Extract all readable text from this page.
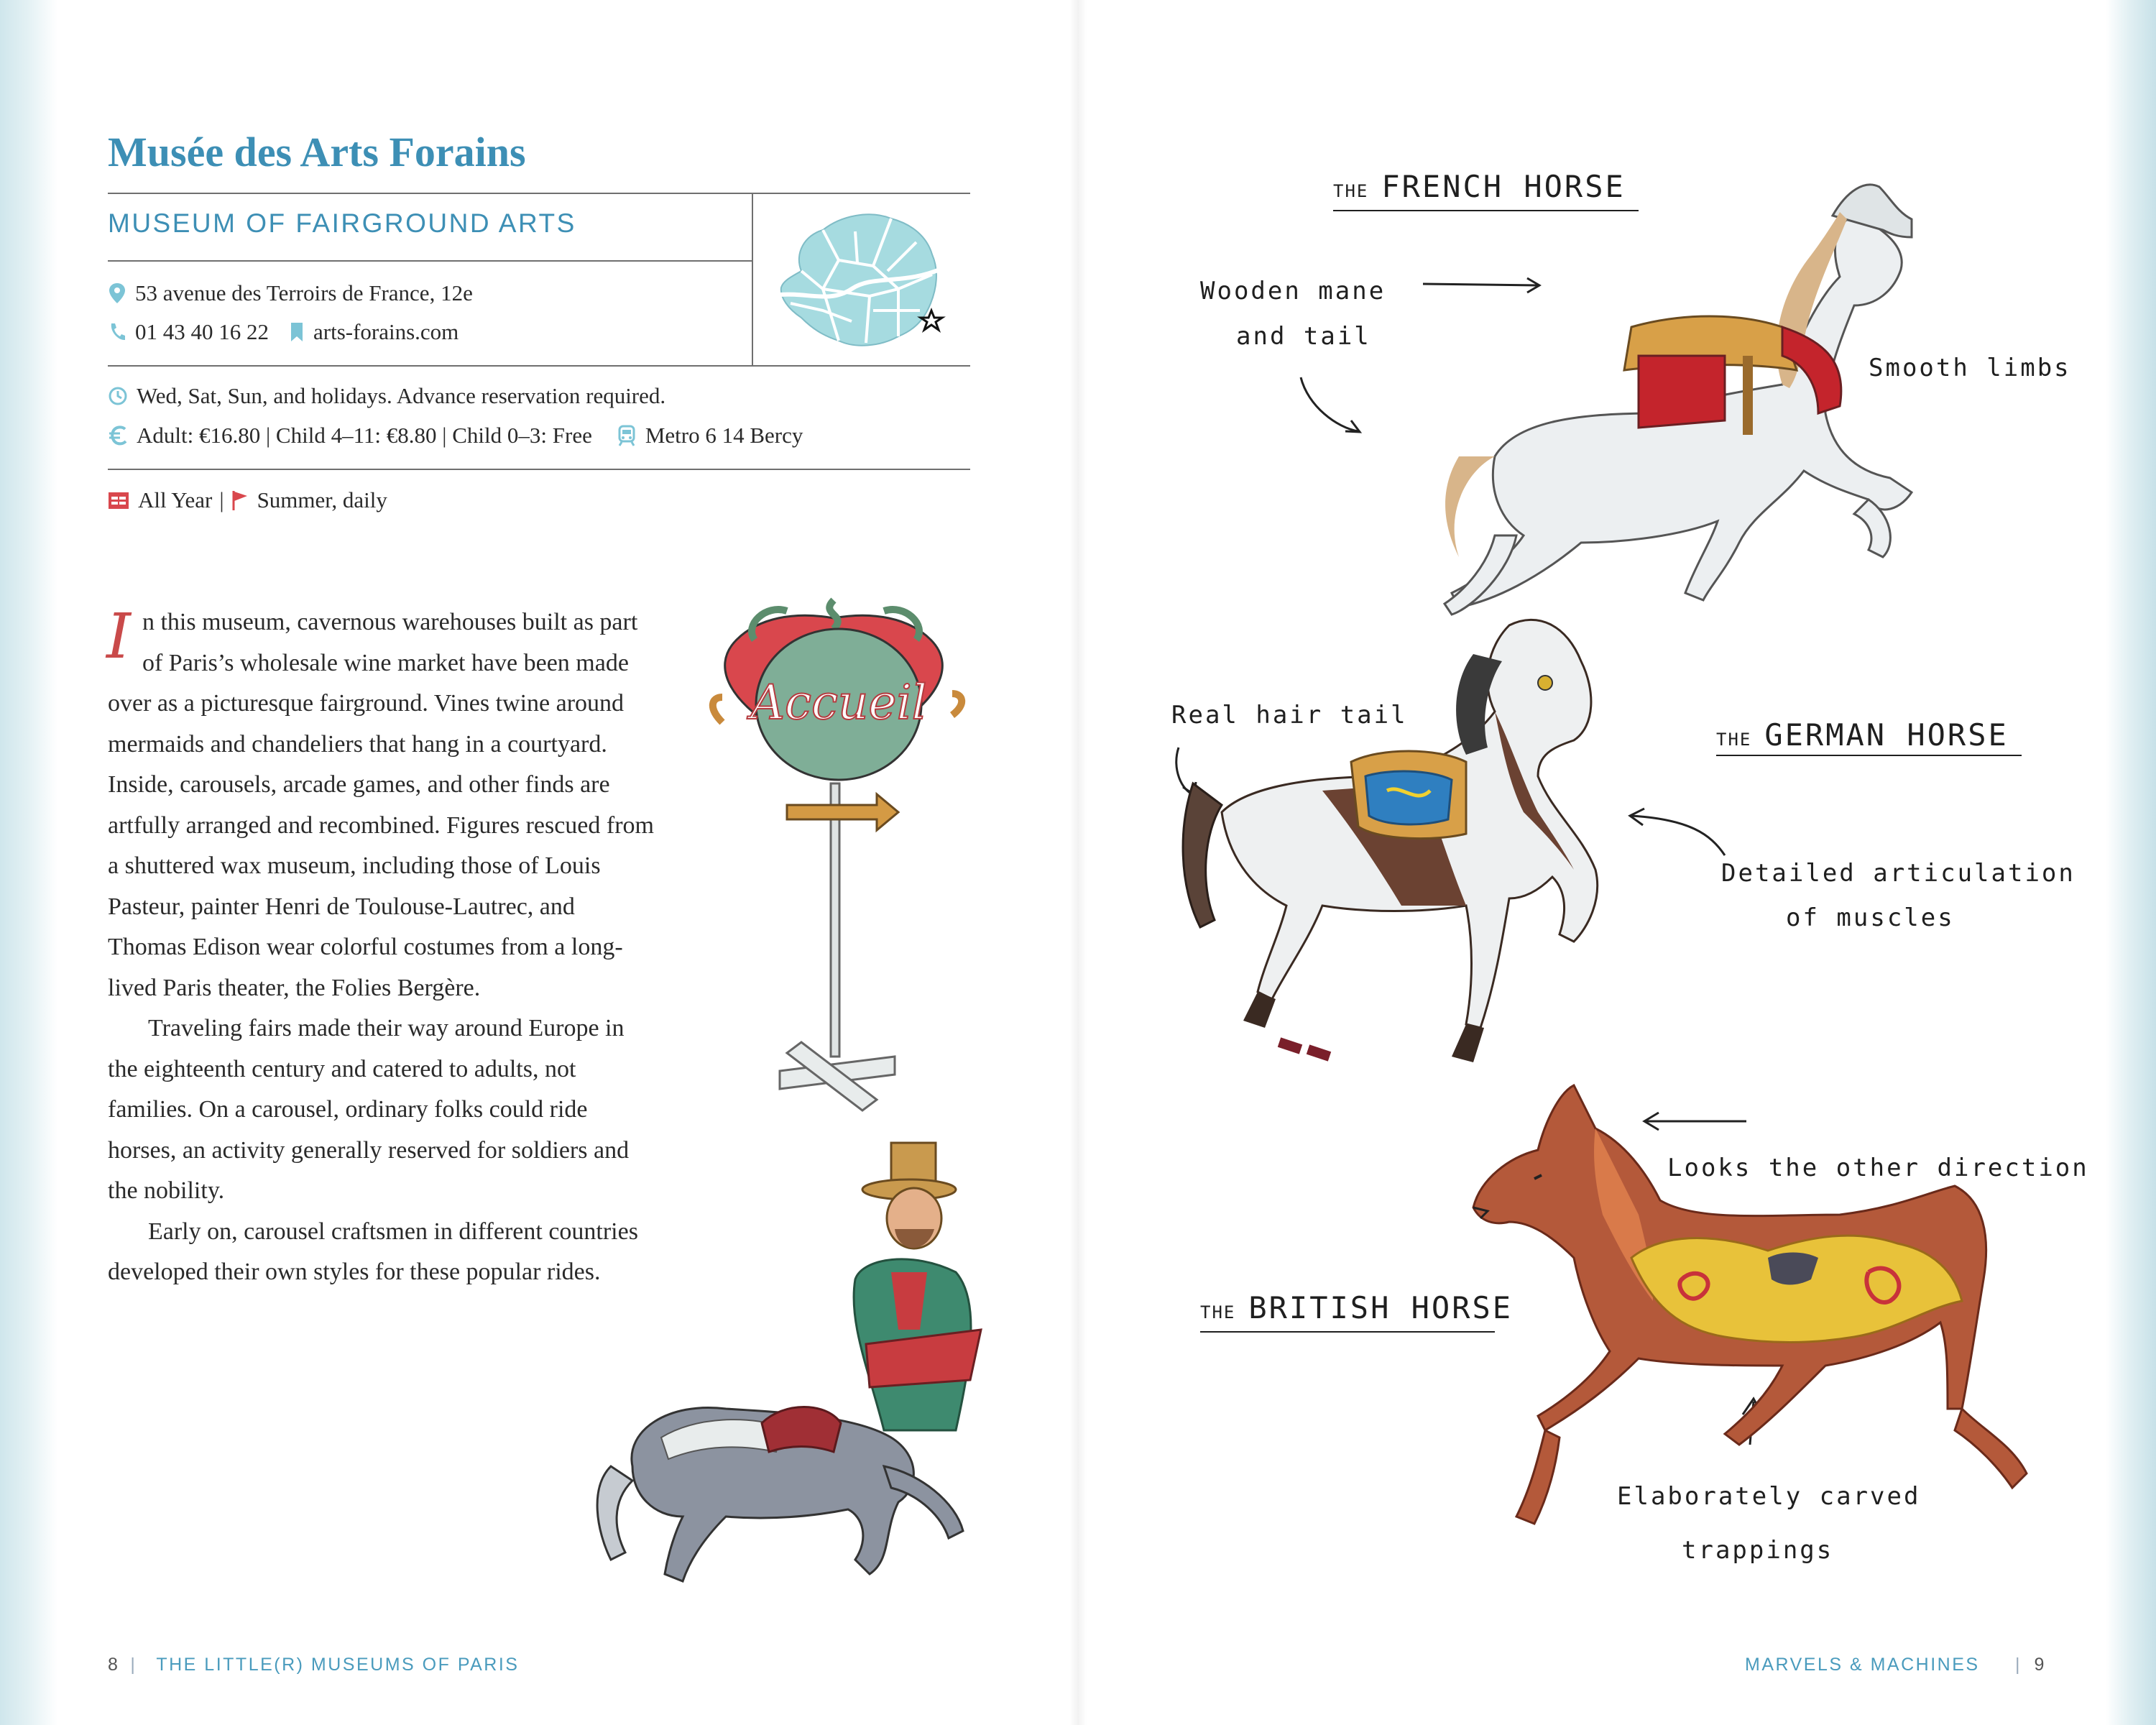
Musée des Arts Forains
MUSEUM OF FAIRGROUND ARTS
53 avenue des Terroirs de France, 12e
01 43 40 16 22 arts-forains.com
Wed, Sat, Sun, and holidays. Advance reservation required.
Adult: €16.80 | Child 4–11: €8.80 | Child 0–3: Free Metro 6 14 Bercy
All Year | Summer, daily

I n this museum, cavernous warehouses built as part of Paris’s wholesale wine market have been made over as a picturesque fairground. Vines twine around mermaids and chandeliers that hang in a courtyard. Inside, carousels, arcade games, and other finds are artfully arranged and recombined. Figures rescued from a shuttered wax museum, including those of Louis Pasteur, painter Henri de Toulouse-Lautrec, and Thomas Edison wear colorful costumes from a long-lived Paris theater, the Folies Bergère.

Traveling fairs made their way around Europe in the eighteenth century and catered to adults, not families. On a carousel, ordinary folks could ride horses, an activity generally reserved for soldiers and the nobility.

Early on, carousel craftsmen in different countries developed their own styles for these popular rides.

Accueil
THE FRENCH HORSE
Wooden mane
and tail
Smooth limbs
Real hair tail
THE GERMAN HORSE
Detailed articulation
of muscles
Looks the other direction
THE BRITISH HORSE
Elaborately carved
trappings
8 | THE LITTLE(R) MUSEUMS OF PARIS	MARVELS & MACHINES | 9
